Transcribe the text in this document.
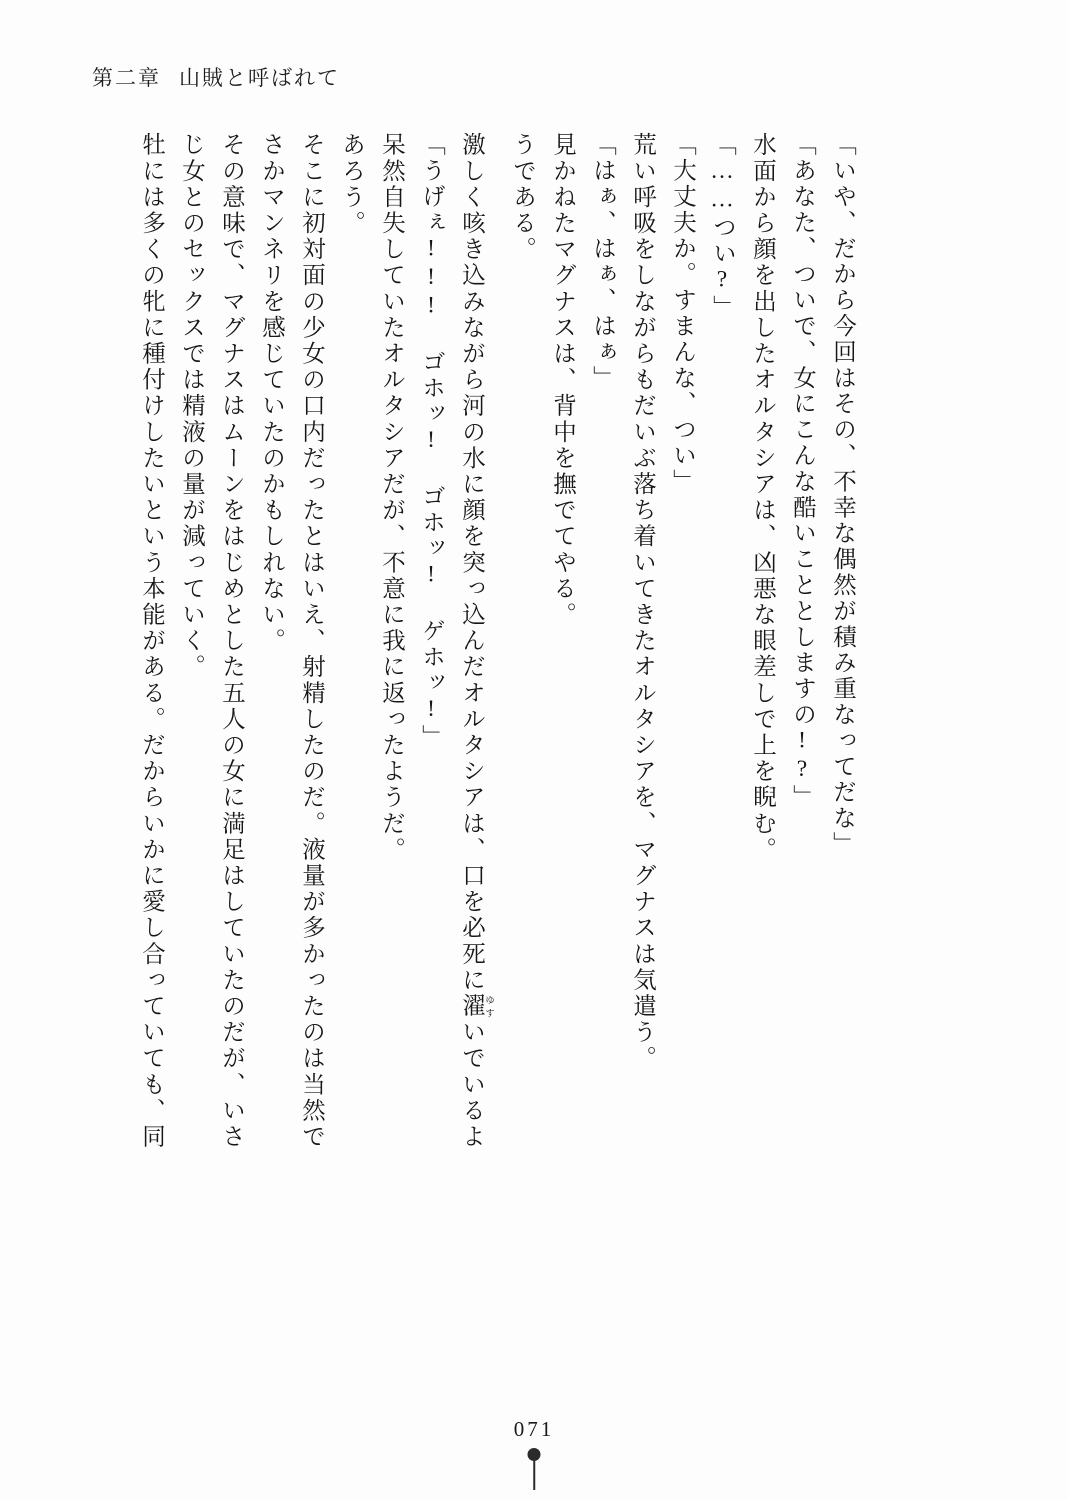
第二章 山賊と呼ばれて
牡には多くの牝に種付けしたいという本能がある。だからいかに愛し合っていても、同 じ女とのセックスでは精液の量が減っていく。 その意味で、マグナスはムーンをはじめとした五人の女に満足はしていたのだが、いさ さかマンネリを感じていたのかもしれない。 そこに初対面の少女の口内だったとはいえ、射精したのだ。液量が多かったのは当然で あろう。 呆然自失していたオルタシアだが、不意に我に返ったようだ。 「うげぇ!!! ゴホッ! ゴホッ! ゲホッ!」 激しく咳き込みながら河の水に顔を突っ込んだオルタシアは、口を必死に濯 ゆすいでいるよ
うである。 見かねたマグナスは、背中を撫でてやる。 「はぁ、はぁ、はぁ」 荒い呼吸をしながらもだいぶ落ち着いてきたオルタシアを、マグナスは気遣う。 「大丈夫か。すまんな、つい」 「……つい?」 水面から顔を出したオルタシアは、凶悪な眼差しで上を睨む。 「あなた、ついで、女にこんな酷いこととしますの!?」 「いや、だから今回はその、不幸な偶然が積み重なってだな」
071
